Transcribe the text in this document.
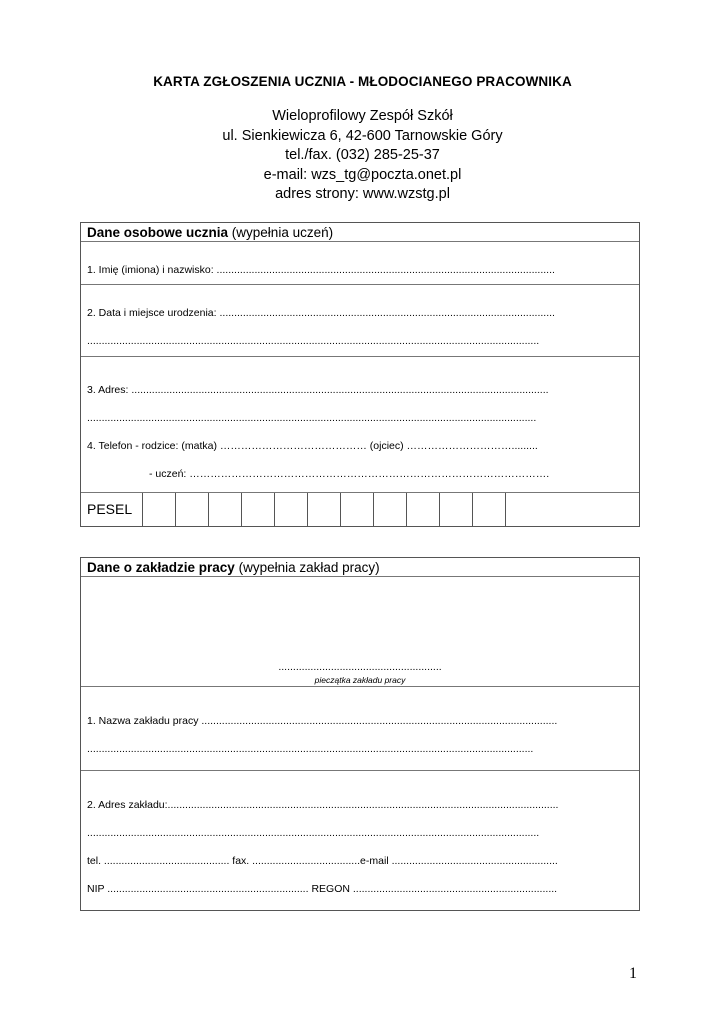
KARTA ZGŁOSZENIA UCZNIA - MŁODOCIANEGO PRACOWNIKA
Wieloprofilowy Zespół Szkół
ul. Sienkiewicza 6, 42-600 Tarnowskie Góry
tel./fax. (032) 285-25-37
e-mail: wzs_tg@poczta.onet.pl
adres strony: www.wzstg.pl
Dane osobowe ucznia (wypełnia uczeń)
1. Imię (imiona) i nazwisko: ....................................................................................................................
2. Data i miejsce urodzenia: ...................................................................................................................
...........................................................................................................................................................
3. Adres: ...............................................................................................................................................
..........................................................................................................................................................
4. Telefon - rodzice: (matka) …………………………………… (ojciec) ………………………….........
- uczeń: ………………………………………………………………………………………….
PESEL
Dane o zakładzie pracy (wypełnia zakład pracy)
........................................................
pieczątka zakładu pracy
1. Nazwa zakładu pracy ..........................................................................................................................
.........................................................................................................................................................
2. Adres zakładu:......................................................................................................................................
...........................................................................................................................................................
tel. ........................................... fax. .....................................e-mail .........................................................
NIP ..................................................................... REGON ......................................................................
1
